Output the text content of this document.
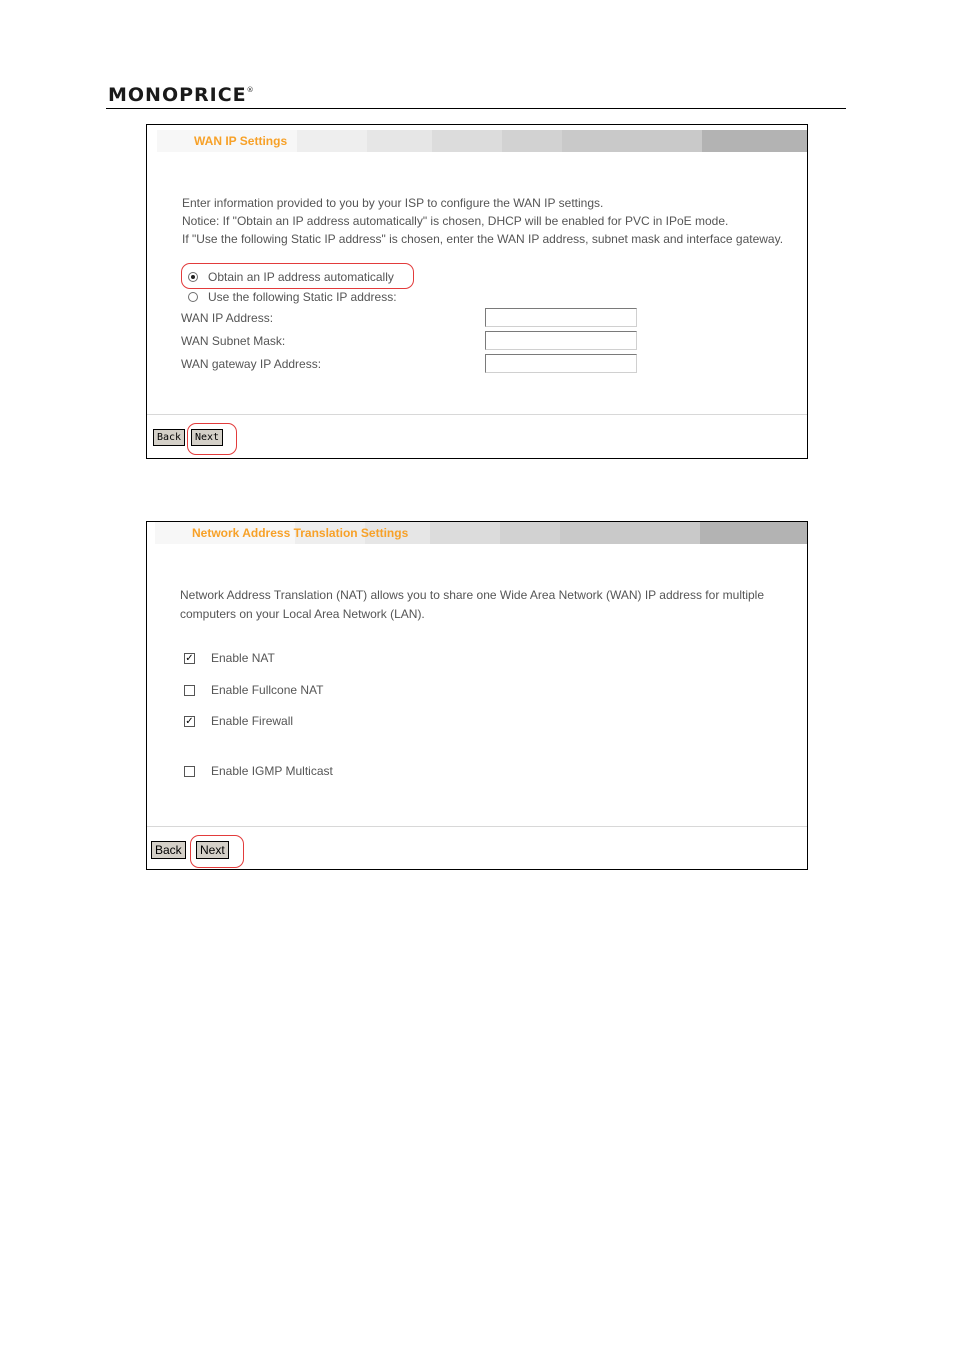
MONOPRICE®
WAN IP Settings
Enter information provided to you by your ISP to configure the WAN IP settings.
Notice: If "Obtain an IP address automatically" is chosen, DHCP will be enabled for PVC in IPoE mode.
If "Use the following Static IP address" is chosen, enter the WAN IP address, subnet mask and interface gateway.
Obtain an IP address automatically
Use the following Static IP address:
WAN IP Address:
WAN Subnet Mask:
WAN gateway IP Address:
Back	Next
Network Address Translation Settings
Network Address Translation (NAT) allows you to share one Wide Area Network (WAN) IP address for multiple
computers on your Local Area Network (LAN).
✓ Enable NAT
Enable Fullcone NAT
✓ Enable Firewall
Enable IGMP Multicast
Back	Next
